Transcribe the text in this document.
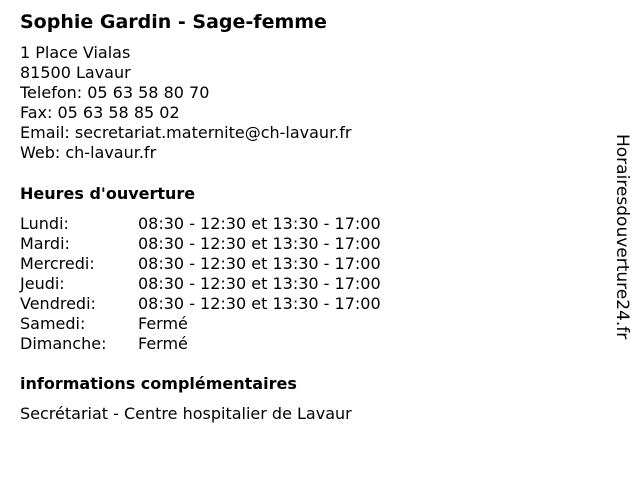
Sophie Gardin - Sage-femme
1 Place Vialas
81500 Lavaur
Telefon: 05 63 58 80 70
Fax: 05 63 58 85 02
Email: secretariat.maternite@ch-lavaur.fr
Web: ch-lavaur.fr
Heures d'ouverture
Lundi:	08:30 - 12:30 et 13:30 - 17:00
Mardi:	08:30 - 12:30 et 13:30 - 17:00
Mercredi:	08:30 - 12:30 et 13:30 - 17:00
Jeudi:	08:30 - 12:30 et 13:30 - 17:00
Vendredi:	08:30 - 12:30 et 13:30 - 17:00
Samedi:	Fermé
Dimanche: Fermé
informations complémentaires
Secrétariat - Centre hospitalier de Lavaur
Horairesdouverture24.fr
